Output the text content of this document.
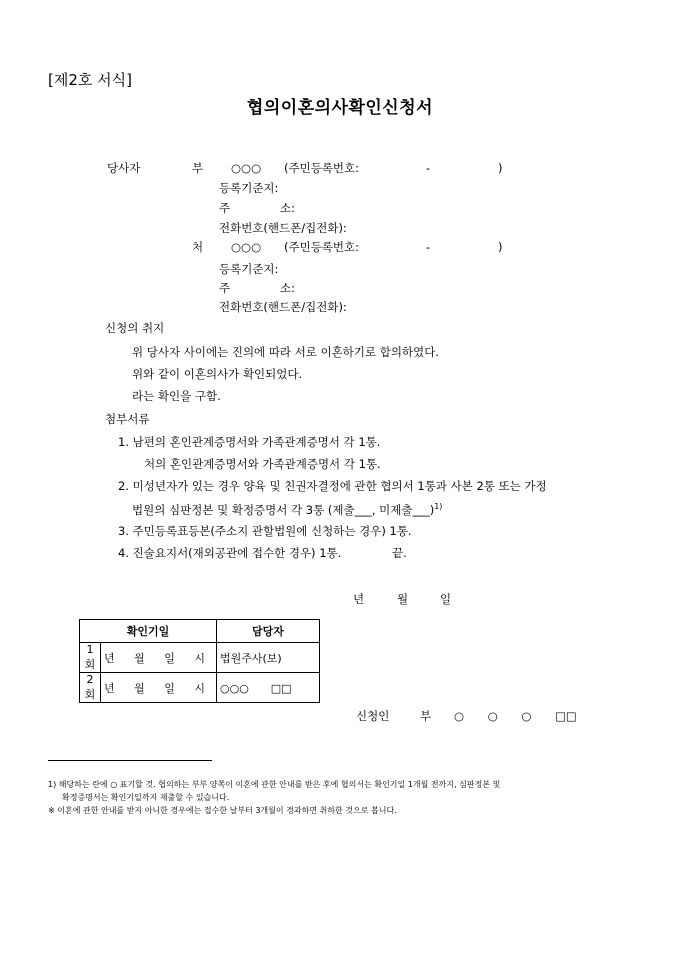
[제2호 서식]
협의이혼의사확인신청서
당사자	부 ○○○ (주민등록번호:	-	)
등록기준지:
주	소:
전화번호(핸드폰/집전화):
처 ○○○ (주민등록번호:	-	)
등록기준지:
주	소:
전화번호(핸드폰/집전화):
신청의 취지
위 당사자 사이에는 진의에 따라 서로 이혼하기로 합의하였다.
위와 같이 이혼의사가 확인되었다.
라는 확인을 구함.
첨부서류
1. 남편의 혼인관계증명서와 가족관계증명서 각 1통.
처의 혼인관계증명서와 가족관계증명서 각 1통.
2. 미성년자가 있는 경우 양육 및 친권자결정에 관한 협의서 1통과 사본 2통 또는 가정
법원의 심판정본 및 확정증명서 각 3통 (제출___, 미제출___)$^{1)}$
3. 주민등록표등본(주소지 관할법원에 신청하는 경우) 1통.
4. 진술요지서(재외공관에 접수한 경우) 1통.	끝.
년	월	일
확인기일		담당자
1회	년 월 일 시	법원주사(보)
2회	년 월 일 시	○○○　　□□
신청인	부 ○ ○ ○ □□
1) 해당하는 란에 ○ 표기할 것. 협의하는 부부 양쪽이 이혼에 관한 안내를 받은 후에 협의서는 확인기일 1개월 전까지, 심판정본 및
확정증명서는 확인기일까지 제출할 수 있습니다.
※ 이혼에 관한 안내를 받지 아니한 경우에는 접수한 날부터 3개월이 경과하면 취하한 것으로 봅니다.
